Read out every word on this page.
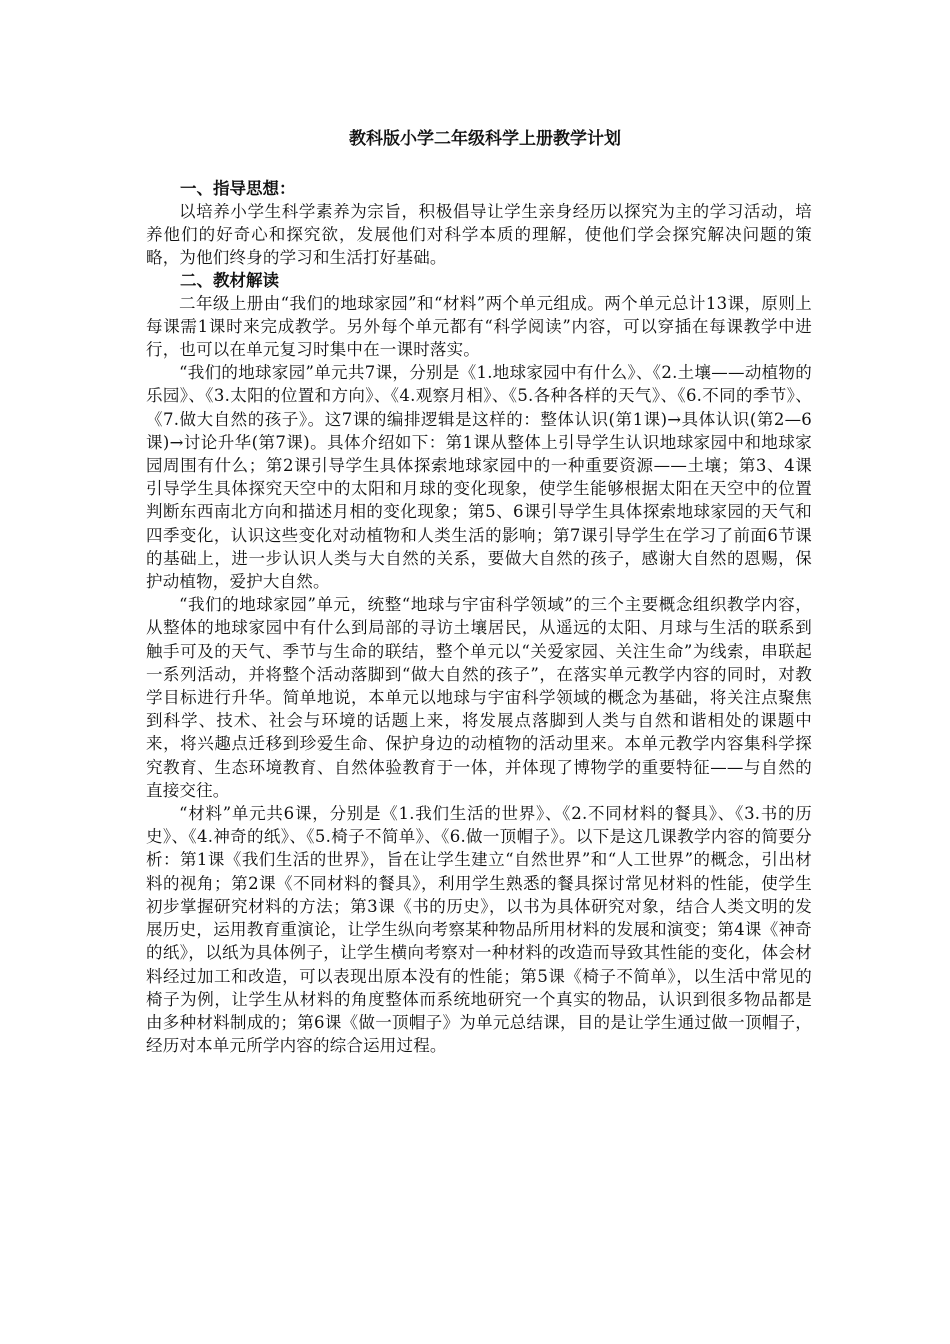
教科版小学二年级科学上册教学计划
一、指导思想：

以培养小学生科学素养为宗旨，积极倡导让学生亲身经历以探究为主的学习活动，培养他们的好奇心和探究欲，发展他们对科学本质的理解，使他们学会探究解决问题的策略，为他们终身的学习和生活打好基础。

二、教材解读

二年级上册由“我们的地球家园”和“材料”两个单元组成。两个单元总计13课，原则上每课需1课时来完成教学。另外每个单元都有“科学阅读”内容，可以穿插在每课教学中进行，也可以在单元复习时集中在一课时落实。

“我们的地球家园”单元共7课，分别是《1.地球家园中有什么》、《2.土壤——动植物的乐园》、《3.太阳的位置和方向》、《4.观察月相》、《5.各种各样的天气》、《6.不同的季节》、《7.做大自然的孩子》。这7课的编排逻辑是这样的：整体认识(第1课)→具体认识(第2—6课)→讨论升华(第7课)。具体介绍如下：第1课从整体上引导学生认识地球家园中和地球家园周围有什么；第2课引导学生具体探索地球家园中的一种重要资源——土壤；第3、4课引导学生具体探究天空中的太阳和月球的变化现象，使学生能够根据太阳在天空中的位置判断东西南北方向和描述月相的变化现象；第5、6课引导学生具体探索地球家园的天气和四季变化，认识这些变化对动植物和人类生活的影响；第7课引导学生在学习了前面6节课的基础上，进一步认识人类与大自然的关系，要做大自然的孩子，感谢大自然的恩赐，保护动植物，爱护大自然。

“我们的地球家园”单元，统整“地球与宇宙科学领域”的三个主要概念组织教学内容，从整体的地球家园中有什么到局部的寻访土壤居民，从遥远的太阳、月球与生活的联系到触手可及的天气、季节与生命的联结，整个单元以“关爱家园、关注生命”为线索，串联起一系列活动，并将整个活动落脚到“做大自然的孩子”，在落实单元教学内容的同时，对教学目标进行升华。简单地说，本单元以地球与宇宙科学领域的概念为基础，将关注点聚焦到科学、技术、社会与环境的话题上来，将发展点落脚到人类与自然和谐相处的课题中来，将兴趣点迁移到珍爱生命、保护身边的动植物的活动里来。本单元教学内容集科学探究教育、生态环境教育、自然体验教育于一体，并体现了博物学的重要特征——与自然的直接交往。

“材料”单元共6课，分别是《1.我们生活的世界》、《2.不同材料的餐具》、《3.书的历史》、《4.神奇的纸》、《5.椅子不简单》、《6.做一顶帽子》。以下是这几课教学内容的简要分析：第1课《我们生活的世界》，旨在让学生建立“自然世界”和“人工世界”的概念，引出材料的视角；第2课《不同材料的餐具》，利用学生熟悉的餐具探讨常见材料的性能，使学生初步掌握研究材料的方法；第3课《书的历史》，以书为具体研究对象，结合人类文明的发展历史，运用教育重演论，让学生纵向考察某种物品所用材料的发展和演变；第4课《神奇的纸》，以纸为具体例子，让学生横向考察对一种材料的改造而导致其性能的变化，体会材料经过加工和改造，可以表现出原本没有的性能；第5课《椅子不简单》，以生活中常见的椅子为例，让学生从材料的角度整体而系统地研究一个真实的物品，认识到很多物品都是由多种材料制成的；第6课《做一顶帽子》为单元总结课，目的是让学生通过做一顶帽子，经历对本单元所学内容的综合运用过程。
